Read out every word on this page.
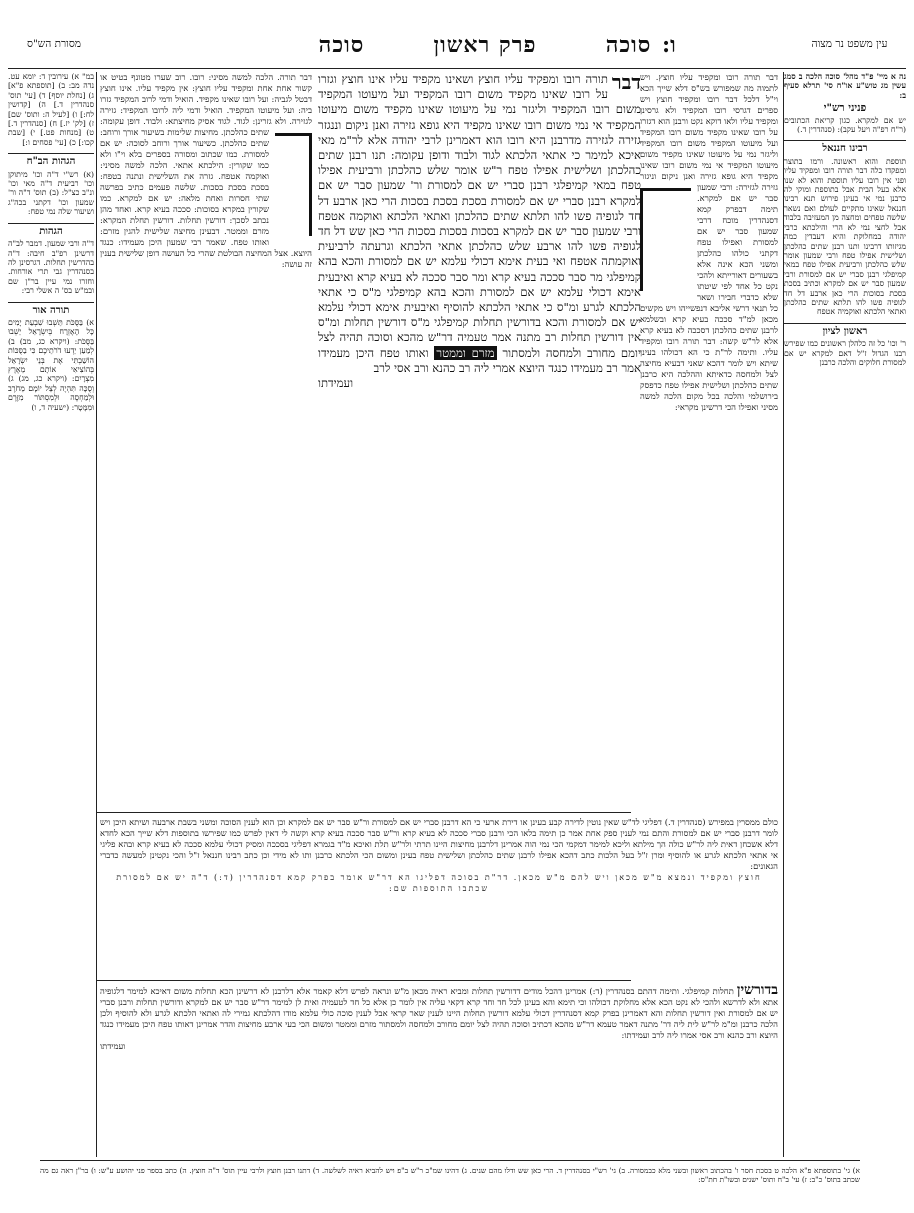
עין משפט נר מצוה
סוכה        פרק ראשון        סוכה	ו:
מסורת הש"ס
נה א מיי' פ"ד מהל' סוכה הלכה ב סמג עשין מג טוש"ע או"ח סי' תרלא סעיף ב:
פניני רש"י
יש אם למקרא. כגון קריאת הכתובים (ר"ח רפ"ה ויעל עקב): (סנהדרין ד.)
רבינו חננאל
תוספת והוא ראשונה. ורמו בתוצר ומפקדו כלה דבר תורה רובו ומפקיד עליו ופני אין רובו עליו תוספת והוא לא שנו אלא בעל הבית אבל בתוספת ומוקי לה כרבנן נמי אי בעינן פירוש תנא רבינו חננאל שאינו מתקיים לעולם ואם נשאר שלשה טפחים ומחצה מן המעזיבה בלבוד אבל לחצי נמי לא הרי והילכתא כרבי יהודה במחלוקת והיא דעבדין כמה מגיזותו דרבינו ותנו רבנן שתים כהלכתן ושלישית אפילו טפח ורבי שמעון אומר שלש כהלכתן ורביעית אפילו טפח במאי קמיפלגי רבנן סברי יש אם למסורת ורבי שמעון סבר יש אם למקרא וכתיב בסכת בסכת בסוכות הרי כאן ארבע דל חד לגופיה פשו להו תלתא שתים כהלכתן ואתאי הלכתא ואוקמיה אטפח
ראשון לציון
ר' וכו' כל זה כלהלן ראשונים כמו שפירש רבנו הגדול ז"ל דאם למקרא יש אם למסורת חלוקים והלכה כרבנן
במ" א) עירובין ד: יומא עט. נדה מב: ב) [תוספתא פ"א] ג) [נחלת יוסף] ד) [עי' תוס' סנהדרין ד.] ה) [קדושין לח:] ו) [לעיל ה: ותוס' שם] ז) [לק' יז.] ח) [סנהדרין ד.] ט) [מנחות פט.] י) [שבת קכו:] כ) [עי' פסחים ו:]
הגהות הב"ח
(א) רש"י ד"ה וכו' מיתוקן וכו' רביעית ד"ה מאי וכו' ונ"ב כצ"ל: (ב) תוס' ד"ה ור' שמעון וכו' דקתני בכה"ג ושיעור שלה נמי טפח:
הגהות
ד"ה ורבי שמעון. דמבר לב"ה דרשינן רפ"ב חיבה: ד"ה בהדרשין תחלות. דגרסינן לה בסנהדרין גבי תרי אורחות. וחזרו נמי עיין בר"ן שם ובמ"ש בס' ה אשלי רבי:
תורה אור
א) בַּסֻּכֹּת תֵּשְׁבוּ שִׁבְעַת יָמִים כָּל הָאֶזְרָח בְּיִשְׂרָאֵל יֵשְׁבוּ בַּסֻּכֹּת: (ויקרא כג, מב) ב) לְמַעַן יֵדְעוּ דֹרֹתֵיכֶם כִּי בַסֻּכּוֹת הוֹשַׁבְתִּי אֶת בְּנֵי יִשְׂרָאֵל בְּהוֹצִיאִי אוֹתָם מֵאֶרֶץ מִצְרָיִם: (ויקרא כג, מג) ג) וְסֻכָּה תִּהְיֶה לְצֵל יוֹמָם מֵחֹרֶב וּלְמַחְסֶה וּלְמִסְתּוֹר מִזֶּרֶם וּמִמָּטָר: (ישעיה ד, ו)
דבר תורה רובו ומקפיד עליו חוצץ. ויש לתמוה מה שמפורש בש"ס דלא שייך הכא וי"ל דלכל דבר רובו ומקפיד חוצץ ויש ספרים דגרסי רובו המקפיד ולא גרסינן ומקפיד עליו ולאו דוקא נקט ורבנן הוא דגזרו על רובו שאינו מקפיד משום רובו המקפיד ועל מיעוטו המקפיד משום רובו המקפיד וליגזר נמי על מיעוטו שאינו מקפיד משום מיעוטו המקפיד אי נמי משום רובו שאינו מקפיד היא גופא גזירה ואנן ניקום וניגזר גזירה לגזירה:
ורבי שמעון סבר יש אם למקרא. תימה דבפרק קמא דסנהדרין מוכח דרבי שמעון סבר יש אם למסורת ואפילו טפח דקתני כולהו כהלכתן ומשני הכא אינה אלא בשעורים דאורייתא ולהכי נקט כל אחד לפי שיטתו שלא כדברי חבירו ושאר כל תנאי דרשי אליבא דנפשייהו ויש מקשים מכאן למ"ד סככה בעיא קרא ובשלמא לרבנן שתים כהלכתן דסככה לא בעיא קרא אלא לר"ש קשה: דבר תורה רובו ומקפיד עליו. ותימה לר"ת כי הא דכולהו בעינן שיתא ויש לומר דהכא שאני דבעיא מחיצה לצל ולמחסה כדאיתא וההלכה היא כרבנן שתים כהלכתן ושלישית אפילו טפח כדפסק בירושלמי והלכה בכל מקום הלכה למשה מסיני ואפילו הכי דרשינן מקראי:
דבר
תורה רובו ומפקיד עליו חוצץ ושאינו מקפיד עליו אינו חוצץ וגזרו על רובו שאינו מקפיד משום רובו המקפיד ועל מיעוטו המקפיד משום רובו המקפיד וליגזר נמי על מיעוטו שאינו מקפיד משום מיעוטו המקפיד אי נמי משום רובו שאינו מקפיד היא גופא גזירה ואנן ניקום וננגזר גזירה לגזירה מדרבנן היא רובו הוא דאמרינן לרבי יהודה אלא לר"מ מאי איכא למימר כי אתאי הלכתא לגוד ולבוד ודופן עקומה: תנו רבנן שתים כהלכתן ושלישית אפילו טפח ר"ש אומר שלש כהלכתן ורביעית אפילו טפח במאי קמיפלגי רבנן סברי יש אם למסורת ור' שמעון סבר יש אם למקרא רבנן סברי יש אם למסורת בסכת בסכת בסכות הרי כאן ארבע דל חד לגופיה פשו להו תלתא שתים כהלכתן ואתאי הלכתא ואוקמה אטפח ורבי שמעון סבר יש אם למקרא בסכות בסכות בסכות הרי כאן שש דל חד לגופיה פשו להו ארבע שלש כהלכתן אתאי הלכתא וגרעתה לרביעית ואוקמתה אטפח ואי בעית אימא דכולי עלמא יש אם למסורת והכא בהא קמיפלגי מר סבר סככה בעיא קרא ומר סבר סככה לא בעיא קרא ואיבעית אימא דכולי עלמא יש אם למסורת והכא בהא קמיפלגי מ"ס כי אתאי הלכתא לגרע ומ"ס כי אתאי הלכתא להוסיף ואיבעית אימא דכולי עלמא יש אם למסורת והכא בדורשין תחלות קמיפלגי מ"ס דורשין תחלות ומ"ס אין דורשין תחלות רב מתנה אמר טעמיה דר"ש מהכא וסוכה תהיה לצל יומם מחורב ולמחסה ולמסתור מזרם וממטר ואותו טפח היכן מעמידו אמר רב מעמידו כנגד היוצא אמרי ליה רב כהנא ורב אסי לרב
ועמידתו
דבר תורה. הלכה למשה מסיני: רובו. רוב שערו מטונף בטיט או קשור אחת אחת ומקפיד עליו חוצץ: אין מקפיד עליו. אינו חוצץ דבטל לגביה: ועל רובו שאינו מקפיד. הואיל ודמי לרוב המקפיד גזרו ביה: ועל מיעוטו המקפיד. הואיל ודמי ליה לרובו המקפיד: גזירה לגזירה. ולא גזרינן: לגוד. לגוד אסיק מחיצתא: ולבוד. דופן עקומה: שתים כהלכתן. מחיצות שלימות בשיעור אורך ורוחב:
שתים כהלכתן. כשיעור אורך ורוחב לסוכה: יש אם למסורת. כמו שכתוב ומסורה בספרים בלא וי"ו ולא כמו שקורין: הילכתא אתאי. הלכה למשה מסיני: ואוקמה אטפח. גזרה את השלישית ונתנה בטפח: בסכת בסכת בסכות. שלשה פעמים כתיב בפרשה שתי חסרות ואחת מלאה: יש אם למקרא. כמו שקורין במקרא בסוכות: סככה בעיא קרא. ואחד מהן נכתב לסכך: דורשין תחלות. דורשין תחלת המקרא: מזרם וממטר. דבעינן מחיצה שלישית להגין מזרם: ואותו טפח. שאמר רבי שמעון היכן מעמידו: כנגד היוצא. אצל המחיצה הבולטת שהרי כל העושה דופן שלישית בענין זה עושה:
כולם ממסרין במפירש (סנהדרין ד.) דפליגי לד"ש שאין נוטין לדירה קבע בעינן או דירת ארעי כי הא דרבנן סברי יש אם למסורת ור"ש סבר יש אם למקרא וכן הוא לענין הסוכה ומשני בשבת ארבעה ושיתא היכן ויש לומר דרבנן סברי יש אם למסורת והתם נמי לענין ספק אחת אמר כן תימה בלאו הכי ורבנן סברי סככה לא בעיא קרא ור"ש סבר סככה בעיא קרא וקשה לי דאין לפרש כמו שפירשו בתוספות דלא שייך הכא לחדא דלא אשכחן דאית ליה לר"ש כולה הך מילתא וליכא למימר דמקמי הכי נמי הוה אמרינן דלרבנן מחיצות היינו תרתי ולר"ש תלת ואיכא מ"ד בגמרא דפליגי בסככה ומסיק דכולי עלמא סככה לא בעיא קרא ובהא פליגי אי אתאי הלכתא לגרע או להוסיף ומרן ז"ל בעל הלכות כתב דהכא אפילו לרבנן שתים כהלכתן ושלישית טפח בעינן ומשום הכי הלכתא כרבנן ותו לא מידי וכן כתב רבינו חננאל ז"ל והכי נקטינן למעשה כדברי הגאונים:
חוצץ ומקפיד ונמצא מ"ש מכאן ויש להם מ"ש מכאן. דר"ת בסוכה דפליגו הא דר"ש אומר בפרק קמא דסנהדרין (ד:) ד"ה יש אם למסורת שכתבו התוספות שם:
בדורשין תחלות קמיפלגי. ותימה דהתם בסנהדרין (ד:) אמרינן דהכל מודים דדורשין תחלות ומביא ראיה מכאן מ"ש ונראה לפרש דלא קאמר אלא דלרבנן לא דרשינן הכא תחלות משום דאיכא למימר דלגופיה אתא ולא לדרשא ולהכי לא נקט הכא אלא מחלוקת דכולהו וכי תימא והא בעינן לכל חד וחד קרא דקאי עליה אין לומר כן אלא כל חד לטעמיה ואית לן למימר דר"ש סבר יש אם למקרא ודורשין תחלות ורבנן סברי יש אם למסורת ואין דורשין תחלות והא דאמרינן בפרק קמא דסנהדרין דכולי עלמא דורשין תחלות היינו לענין שאר קראי אבל לענין סוכה כולי עלמא מודו דהלכתא גמירי לה ואתאי הלכתא לגרע ולא להוסיף ולכן הלכה כרבנן ומ"מ לר"ש לית ליה דר' מתנה דאמר טעמא דר"ש מהכא דכתיב וסוכה תהיה לצל יומם מחורב ולמחסה ולמסתור מזרם וממטר ומשום הכי בעי ארבע מחיצות והדר אמרינן דאותו טפח היכן מעמידו כנגד היוצא ורב כהנא ורב אסי אמרו ליה לרב ועמידתו:
ועמידתו
א) גי' בתוספתא פ"א הלכה ט בסכת חסר ו' בהכתוב ראשון ובשני מלא כבמסורה. ב) גי' רש"י בסנהדרין ד. הרי כאן שש ודלו מהם שנים. ג) דהינו שמ"כ ר"ש ב"פ ויש להביא ראיה לשלשה. ד) דתנו רבנן חוצץ ולרבי עיין תוס' ד"ה חוצץ. ה) כתב בספר פני יהושע ע"ש: ו) בר"ן ראה גם מה שכתב בתוס' כ"ב: ז) עי' ב"ח ותוס' ישנים ובשו"ת חת"ס:
